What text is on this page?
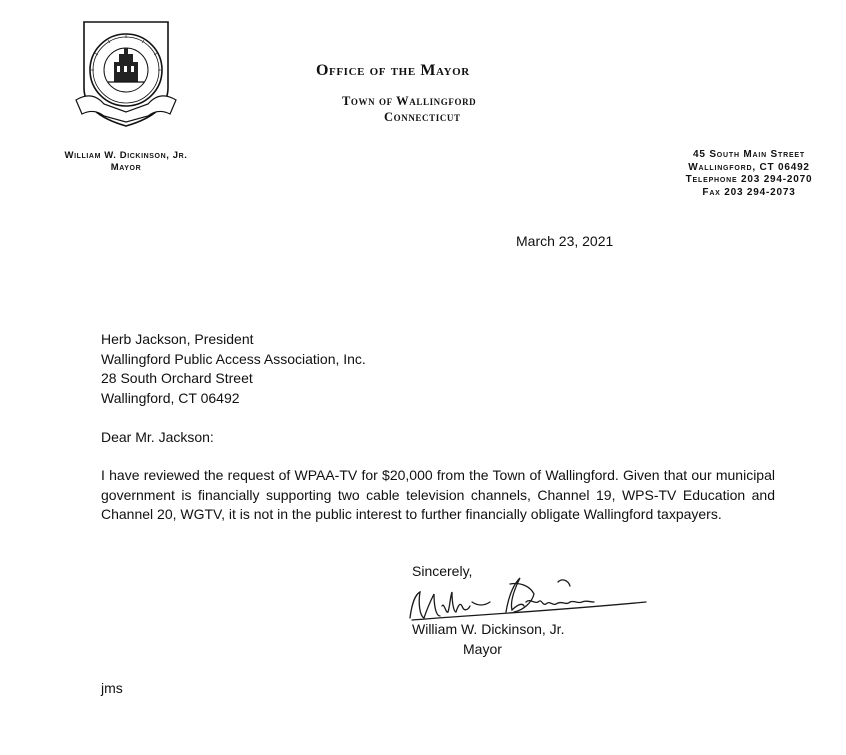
Office of the Mayor
Town of Wallingford
Connecticut
William W. Dickinson, Jr.
Mayor
45 South Main Street
Wallingford, CT 06492
Telephone 203 294-2070
Fax 203 294-2073
March 23, 2021
Herb Jackson, President
Wallingford Public Access Association, Inc.
28 South Orchard Street
Wallingford, CT 06492
Dear Mr. Jackson:
I have reviewed the request of WPAA-TV for $20,000 from the Town of Wallingford. Given that our municipal government is financially supporting two cable television channels, Channel 19, WPS-TV Education and Channel 20, WGTV, it is not in the public interest to further financially obligate Wallingford taxpayers.
Sincerely,
William W. Dickinson, Jr.
Mayor
jms
